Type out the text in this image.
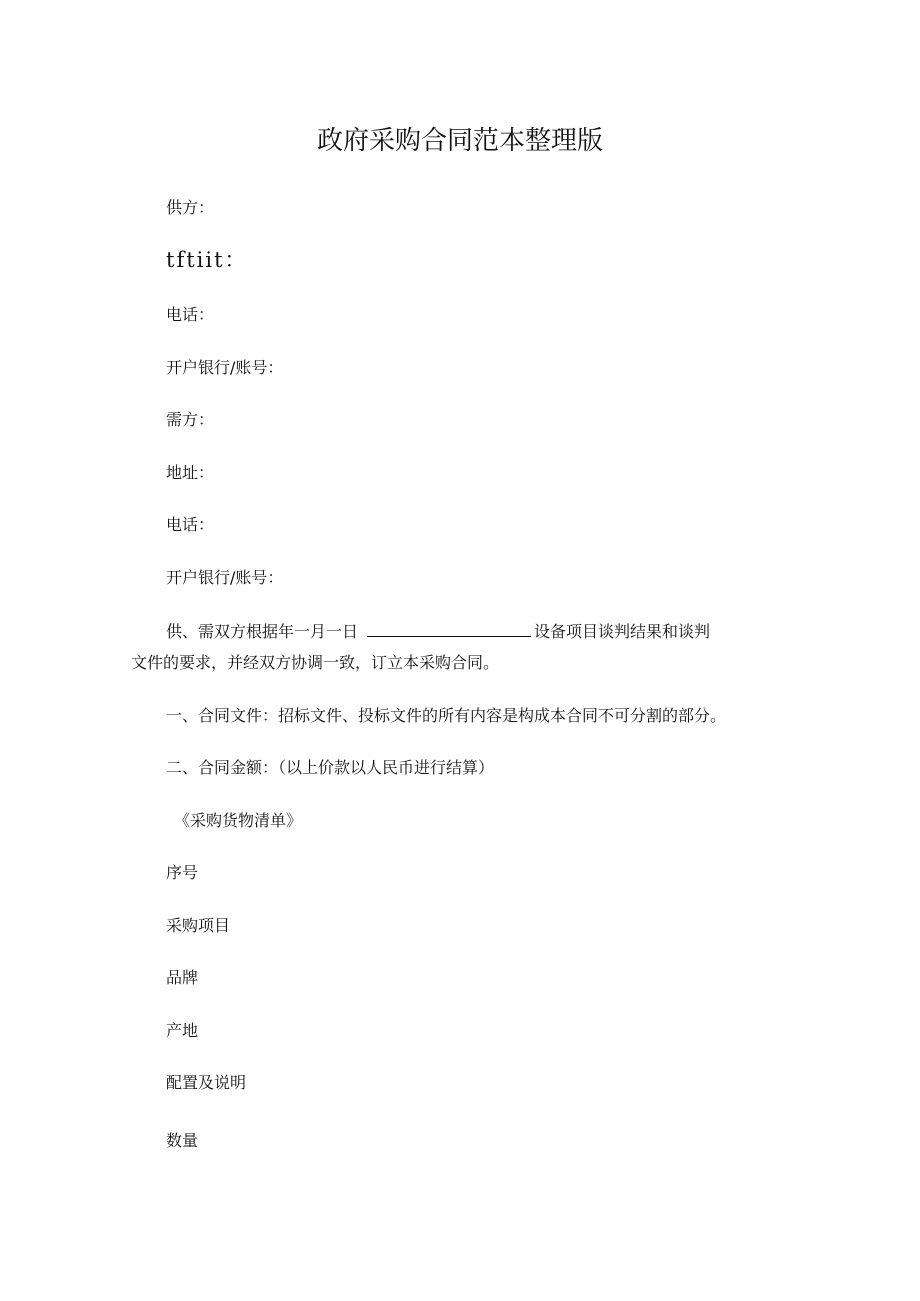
政府采购合同范本整理版
供方：
tftiit：
电话：
开户银行/账号：
需方：
地址：
电话：
开户银行/账号：
供、需双方根据年一月一日	设备项目谈判结果和谈判
文件的要求，并经双方协调一致，订立本采购合同。
一、合同文件：招标文件、投标文件的所有内容是构成本合同不可分割的部分。
二、合同金额：（以上价款以人民币进行结算）
《采购货物清单》
序号
采购项目
品牌
产地
配置及说明
数量
